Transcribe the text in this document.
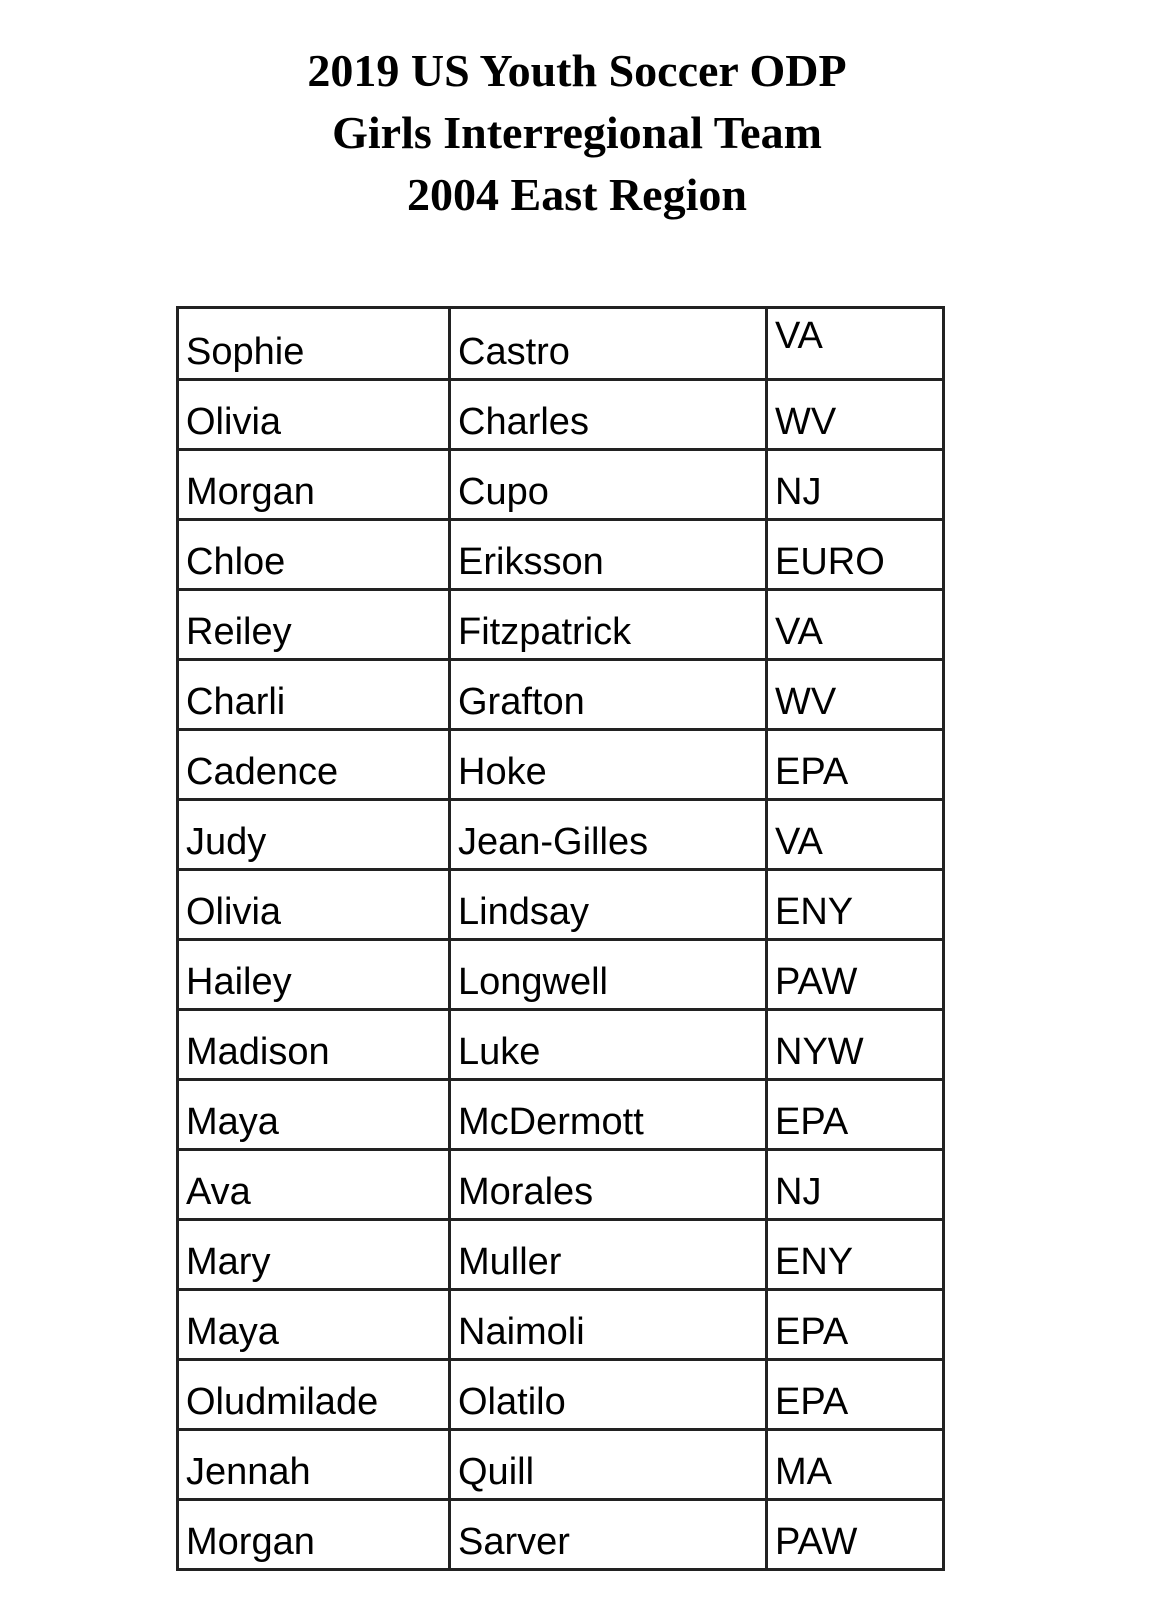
2019 US Youth Soccer ODP
Girls Interregional Team
2004 East Region
Sophie	Castro	VA
Olivia	Charles	WV
Morgan	Cupo	NJ
Chloe	Eriksson	EURO
Reiley	Fitzpatrick	VA
Charli	Grafton	WV
Cadence	Hoke	EPA
Judy	Jean-Gilles	VA
Olivia	Lindsay	ENY
Hailey	Longwell	PAW
Madison	Luke	NYW
Maya	McDermott	EPA
Ava	Morales	NJ
Mary	Muller	ENY
Maya	Naimoli	EPA
Oludmilade	Olatilo	EPA
Jennah	Quill	MA
Morgan	Sarver	PAW
